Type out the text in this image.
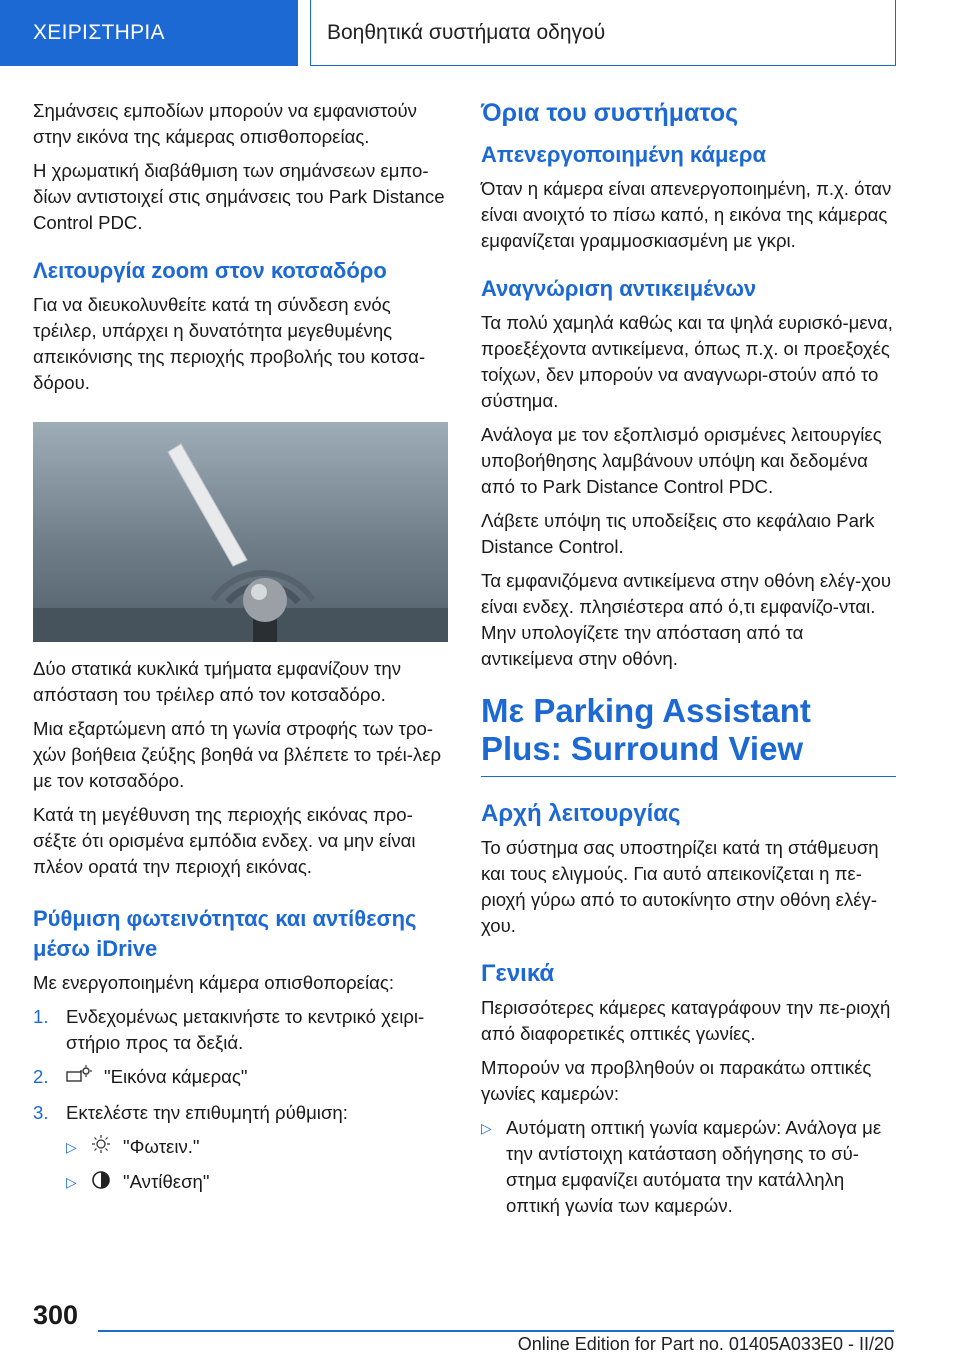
ΧΕΙΡΙΣΤΗΡΙΑ	Βοηθητικά συστήματα οδηγού

Σημάνσεις εμποδίων μπορούν να εμφανιστούν στην εικόνα της κάμερας οπισθοπορείας.

Η χρωματική διαβάθμιση των σημάνσεων εμπο‐δίων αντιστοιχεί στις σημάνσεις του Park Distance Control PDC.

Λειτουργία zoom στον κοτσαδόρο

Για να διευκολυνθείτε κατά τη σύνδεση ενός τρέιλερ, υπάρχει η δυνατότητα μεγεθυμένης απεικόνισης της περιοχής προβολής του κοτσα‐δόρου.

Δύο στατικά κυκλικά τμήματα εμφανίζουν την απόσταση του τρέιλερ από τον κοτσαδόρο.

Μια εξαρτώμενη από τη γωνία στροφής των τρο‐χών βοήθεια ζεύξης βοηθά να βλέπετε το τρέι‐λερ με τον κοτσαδόρο.

Κατά τη μεγέθυνση της περιοχής εικόνας προ‐σέξτε ότι ορισμένα εμπόδια ενδεχ. να μην είναι πλέον ορατά την περιοχή εικόνας.

Ρύθμιση φωτεινότητας και αντίθεσης μέσω iDrive

Με ενεργοποιημένη κάμερα οπισθοπορείας:

1. Ενδεχομένως μετακινήστε το κεντρικό χειρι‐στήριο προς τα δεξιά.
2.	"Εικόνα κάμερας"
3. Εκτελέστε την επιθυμητή ρύθμιση:
▷ "Φωτειν."
▷ "Αντίθεση"
Όρια του συστήματος
Απενεργοποιημένη κάμερα

Όταν η κάμερα είναι απενεργοποιημένη, π.χ. όταν είναι ανοιχτό το πίσω καπό, η εικόνα της κάμερας εμφανίζεται γραμμοσκιασμένη με γκρι.

Αναγνώριση αντικειμένων

Τα πολύ χαμηλά καθώς και τα ψηλά ευρισκό‐μενα, προεξέχοντα αντικείμενα, όπως π.χ. οι προεξοχές τοίχων, δεν μπορούν να αναγνωρι‐στούν από το σύστημα.

Ανάλογα με τον εξοπλισμό ορισμένες λειτουργίες υποβοήθησης λαμβάνουν υπόψη και δεδομένα από το Park Distance Control PDC.

Λάβετε υπόψη τις υποδείξεις στο κεφάλαιο Park Distance Control.

Τα εμφανιζόμενα αντικείμενα στην οθόνη ελέγ‐χου είναι ενδεχ. πλησιέστερα από ό,τι εμφανίζο‐νται. Μην υπολογίζετε την απόσταση από τα αντικείμενα στην οθόνη.

Με Parking Assistant Plus: Surround View
Αρχή λειτουργίας

Το σύστημα σας υποστηρίζει κατά τη στάθμευση και τους ελιγμούς. Για αυτό απεικονίζεται η πε‐ριοχή γύρω από το αυτοκίνητο στην οθόνη ελέγ‐χου.

Γενικά

Περισσότερες κάμερες καταγράφουν την πε‐ριοχή από διαφορετικές οπτικές γωνίες.

Μπορούν να προβληθούν οι παρακάτω οπτικές γωνίες καμερών:

▷ Αυτόματη οπτική γωνία καμερών: Ανάλογα με την αντίστοιχη κατάσταση οδήγησης το σύ‐στημα εμφανίζει αυτόματα την κατάλληλη οπτική γωνία των καμερών.
300
Online Edition for Part no. 01405A033E0 - II/20
